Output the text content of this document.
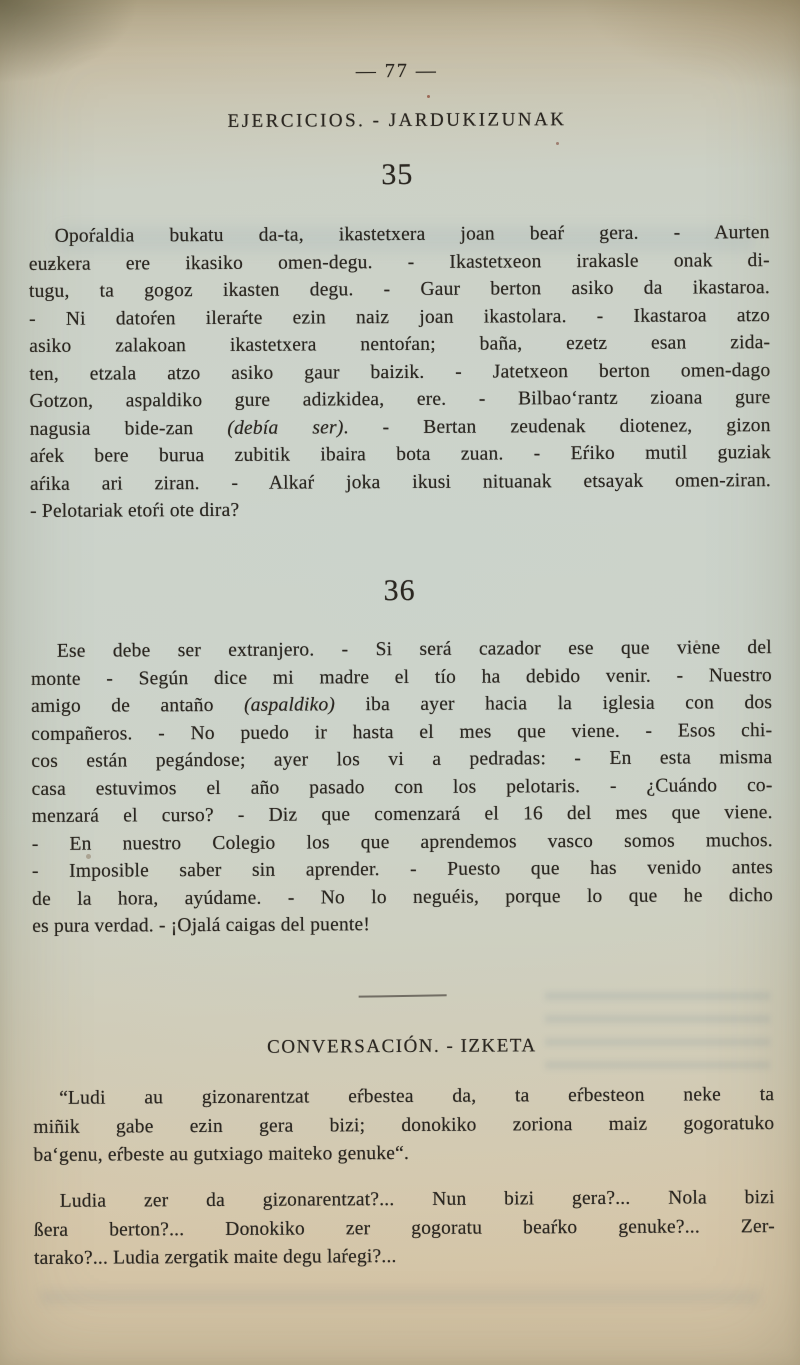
— 77 —
EJERCICIOS. - JARDUKIZUNAK
35
Opoŕaldia bukatu da-ta, ikastetxera joan beaŕ gera. - Aurten
euƶkera ere ikasiko omen-degu. - Ikastetxeon irakasle onak di-
tugu, ta gogoz ikasten degu. - Gaur berton asiko da ikastaroa.
- Ni datoŕen ileraŕte ezin naiz joan ikastolara. - Ikastaroa atzo
asiko zalakoan ikastetxera nentoŕan; baña, ezetz esan zida-
ten, etzala atzo asiko gaur baizik. - Jatetxeon berton omen-dago
Gotzon, aspaldiko gure adizkidea, ere. - Bilbao‘rantz zioana gure
nagusia bide-zan (debía ser). - Bertan zeudenak diotenez, gizon
aŕek bere burua zubitik ibaira bota zuan. - Eŕiko mutil guziak
aŕika ari ziran. - Alkaŕ joka ikusi nituanak etsayak omen-ziran.
- Pelotariak etoŕi ote dira?
36
Ese debe ser extranjero. - Si será cazador ese que viene del
monte - Según dice mi madre el tío ha debido venir. - Nuestro
amigo de antaño (aspaldiko) iba ayer hacia la iglesia con dos
compañeros. - No puedo ir hasta el mes que viene. - Esos chi-
cos están pegándose; ayer los vi a pedradas: - En esta misma
casa estuvimos el año pasado con los pelotaris. - ¿Cuándo co-
menzará el curso? - Diz que comenzará el 16 del mes que viene.
- En nuestro Colegio los que aprendemos vasco somos muchos.
- Imposible saber sin aprender. - Puesto que has venido antes
de la hora, ayúdame. - No lo neguéis, porque lo que he dicho
es pura verdad. - ¡Ojalá caigas del puente!
CONVERSACIÓN. - IZKETA
“Ludi au gizonarentzat eŕbestea da, ta eŕbesteon neke ta
miñik gabe ezin gera bizi; donokiko zoriona maiz gogoratuko
ba‘genu, eŕbeste au gutxiago maiteko genuke“.
Ludia zer da gizonarentzat?... Nun bizi gera?... Nola bizi
ßera berton?... Donokiko zer gogoratu beaŕko genuke?... Zer-
tarako?... Ludia zergatik maite degu laŕegi?...
